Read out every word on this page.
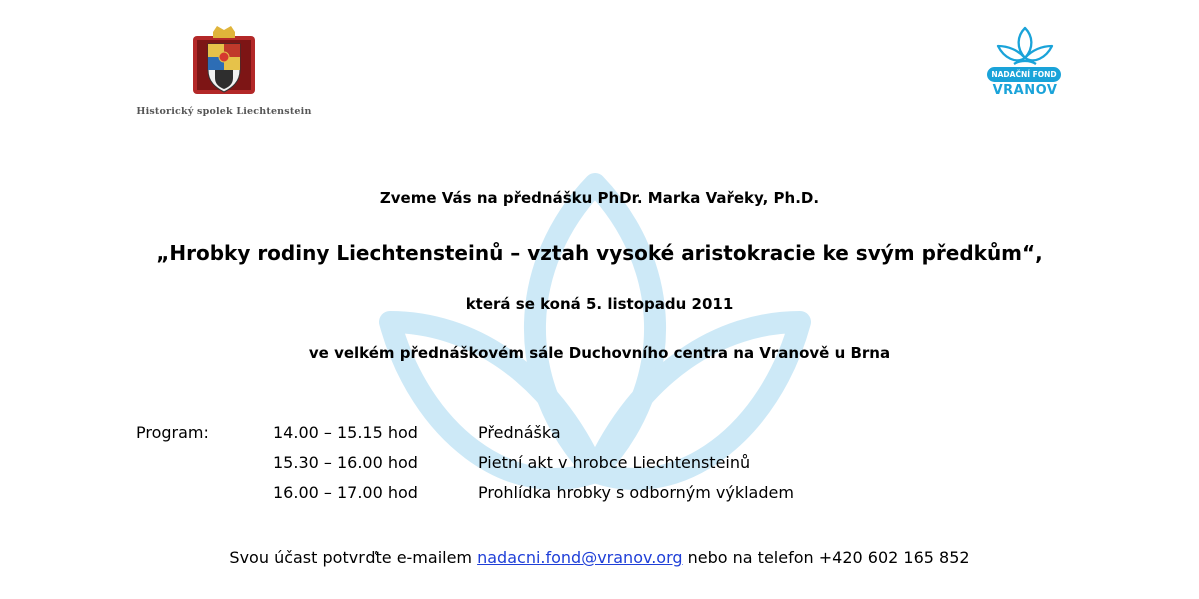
Historický spolek Liechtenstein
NADAČNÍ FOND
VRANOV
Zveme Vás na přednášku PhDr. Marka Vařeky, Ph.D.
„Hrobky rodiny Liechtensteinů – vztah vysoké aristokracie ke svým předkům“,
která se koná 5. listopadu 2011
ve velkém přednáškovém sále Duchovního centra na Vranově u Brna
Program:	14.00 – 15.15 hod	Přednáška
15.30 – 16.00 hod	Pietní akt v hrobce Liechtensteinů
16.00 – 17.00 hod	Prohlídka hrobky s odborným výkladem
Svou účast potvrďte e-mailem nadacni.fond@vranov.org nebo na telefon +420 602 165 852
